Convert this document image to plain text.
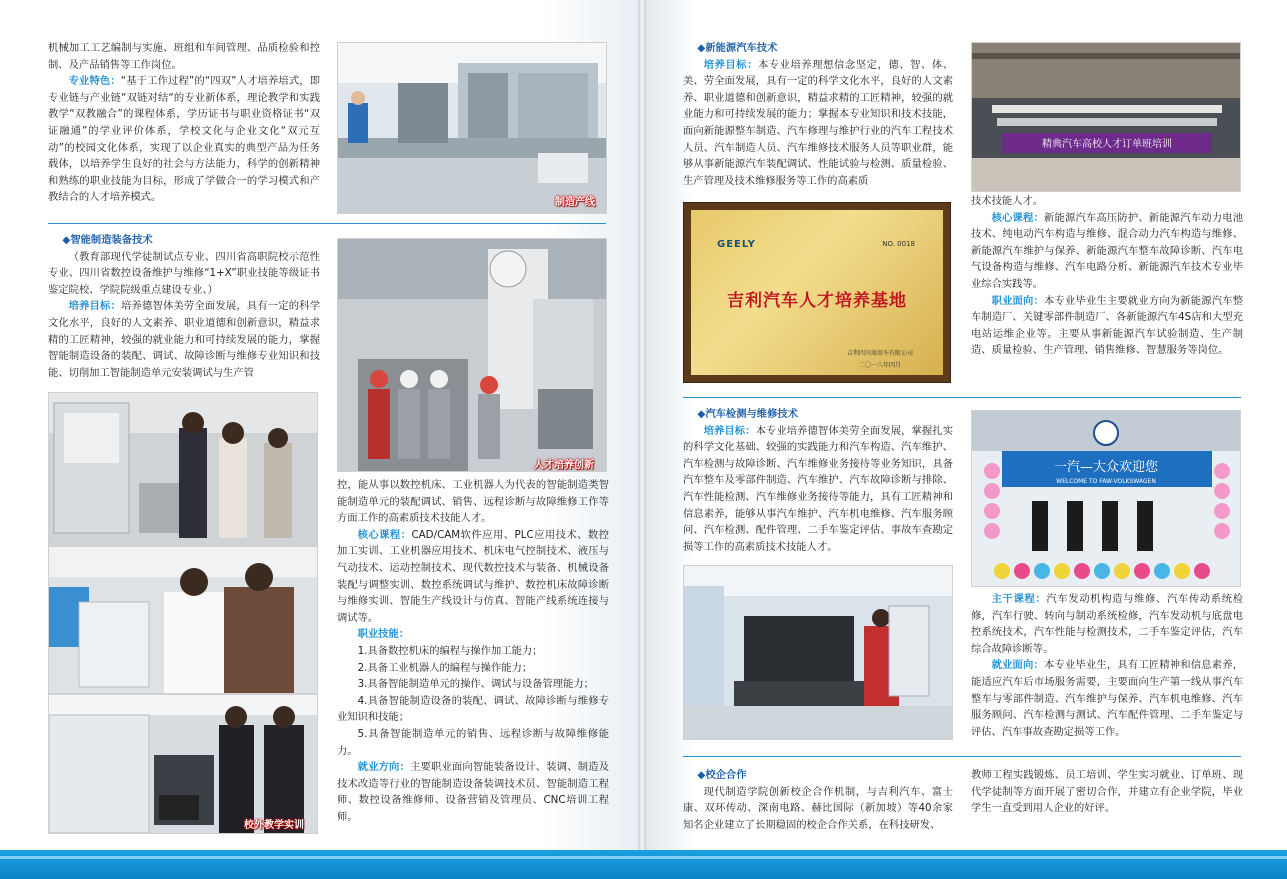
机械加工工艺编制与实施、班组和车间管理、品质检验和控制、及产品销售等工作岗位。

专业特色：“基于工作过程”的“四双”人才培养培式，即专业链与产业链“双链对结“的专业新体系，理论教学和实践教学“双教融合”的课程体系，学历证书与职业资格证书“双证融通”的学业评价体系，学校文化与企业文化“双元互动”的校园文化体系，实现了以企业真实的典型产品为任务载体，以培养学生良好的社会与方法能力，科学的创新精神和熟练的职业技能为目标，形成了学做合一的学习模式和产教结合的人才培养模式。	制造产线

◆智能制造装备技术

（教育部现代学徒制试点专业、四川省高职院校示范性专业、四川省数控设备维护与维修“1+X”职业技能等级证书鉴定院校、学院院级重点建设专业、）

培养目标：培养德智体美劳全面发展，具有一定的科学文化水平，良好的人文素养、职业道德和创新意识，精益求精的工匠精神，较强的就业能力和可持续发展的能力，掌握智能制造设备的装配、调试、故障诊断与维修专业知识和技能、切削加工智能制造单元安装调试与生产管

人才培养创新
校外教学实训

控，能从事以数控机床、工业机器人为代表的智能制造类智能制造单元的装配调试、销售、远程诊断与故障维修工作等方面工作的高素质技术技能人才。

核心课程：CAD/CAM软件应用、PLC应用技术、数控加工实训、工业机器应用技术、机床电气控制技术、液压与气动技术、运动控制技术、现代数控技术与装备、机械设备装配与调整实训、数控系统调试与维护、数控机床故障诊断与维修实训、智能生产线设计与仿真、智能产线系统连接与调试等。

职业技能：

1.具备数控机床的编程与操作加工能力；

2.具备工业机器人的编程与操作能力；

3.具备智能制造单元的操作、调试与设备管理能力；

4.具备智能制造设备的装配、调试、故障诊断与维修专业知识和技能；

5.具备智能制造单元的销售、远程诊断与故障维修能力。

就业方向：主要职业面向智能装备设计、装调、制造及技术改造等行业的智能制造设备装调技术员、智能制造工程师、数控设备维修师、设备营销及管理员、CNC培训工程师。

◆新能源汽车技术

培养目标：本专业培养理想信念坚定，德、智、体、美、劳全面发展，具有一定的科学文化水平，良好的人文素养、职业道德和创新意识，精益求精的工匠精神，较强的就业能力和可持续发展的能力；掌握本专业知识和技术技能，面向新能源整车制造、汽车修理与维护行业的汽车工程技术人员、汽车制造人员、汽车维修技术服务人员等职业群，能够从事新能源汽车装配调试、性能试验与检测、质量检验、生产管理及技术维修服务等工作的高素质

精典汽车高校人才订单班培训
GEELY	NO. 0018
吉利汽车人才培养基地
吉利四川商用车有限公司
二〇一八年四月

技术技能人才。

核心课程：新能源汽车高压防护、新能源汽车动力电池技术、纯电动汽车构造与维修、混合动力汽车构造与维修、新能源汽车维护与保养、新能源汽车整车故障诊断、汽车电气设备构造与维修、汽车电路分析、新能源汽车技术专业毕业综合实践等。

职业面向：本专业毕业生主要就业方向为新能源汽车整车制造厂、关键零部件制造厂、各新能源汽车4S店和大型充电站运维企业等。主要从事新能源汽车试验制造、生产制造、质量检验、生产管理、销售维修、智慧服务等岗位。

◆汽车检测与维修技术

培养目标：本专业培养德智体美劳全面发展，掌握扎实的科学文化基础、较强的实践能力和汽车构造、汽车维护、汽车检测与故障诊断、汽车维修业务接待等业务知识，具备汽车整车及零部件制造、汽车维护、汽车故障诊断与排除、汽车性能检测、汽车维修业务接待等能力，具有工匠精神和信息素养，能够从事汽车维护、汽车机电维修、汽车服务顾问、汽车检测、配件管理、二手车鉴定评估、事故车查勘定损等工作的高素质技术技能人才。

一汽—大众欢迎您
WELCOME TO FAW-VOLKSWAGEN

主干课程：汽车发动机构造与维修、汽车传动系统检修，汽车行驶、转向与制动系统检修，汽车发动机与底盘电控系统技术，汽车性能与检测技术，二手车鉴定评估，汽车综合故障诊断等。

就业面向：本专业毕业生，具有工匠精神和信息素养，能适应汽车后市场服务需要，主要面向生产第一线从事汽车整车与零部件制造、汽车维护与保养、汽车机电维修、汽车服务顾问、汽车检测与测试、汽车配件管理、二手车鉴定与评估、汽车事故查勘定损等工作。

◆校企合作

现代制造学院创新校企合作机制，与吉利汽车、富士康、双环传动、深南电路、赫比国际（新加坡）等40余家知名企业建立了长期稳固的校企合作关系，在科技研发、

教师工程实践锻炼、员工培训、学生实习就业、订单班、现代学徒制等方面开展了密切合作，并建立有企业学院，毕业学生一直受到用人企业的好评。
